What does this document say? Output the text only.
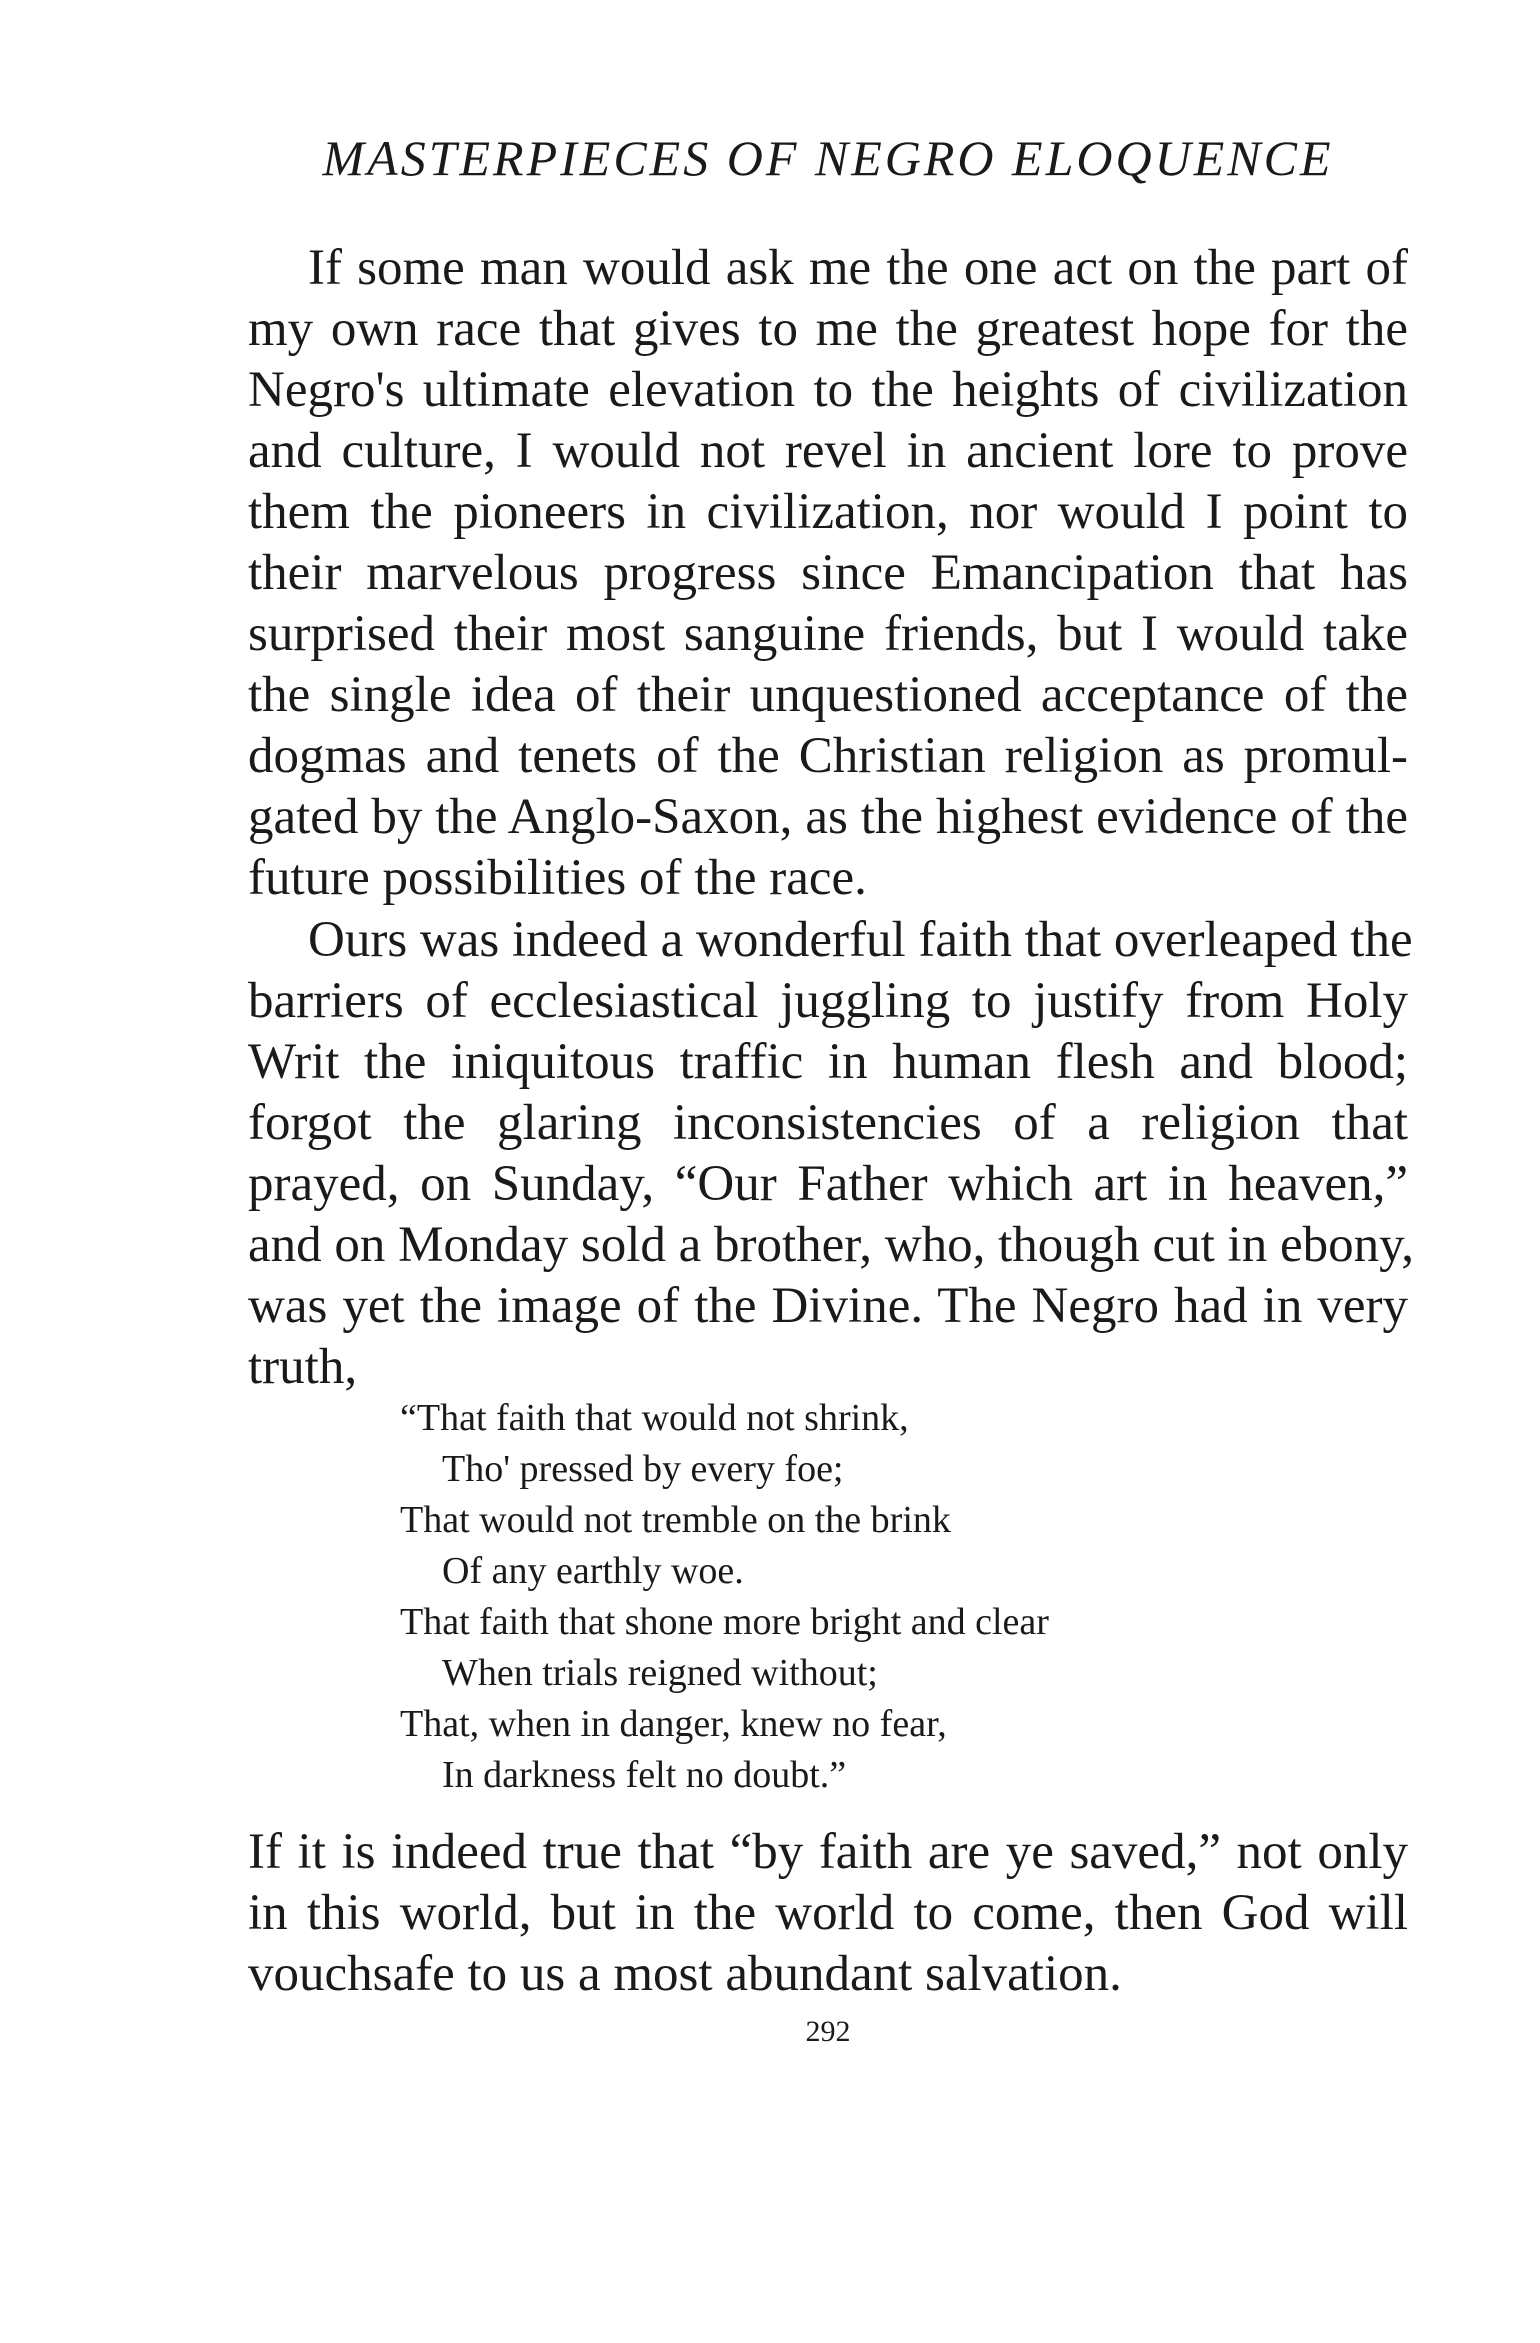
MASTERPIECES OF NEGRO ELOQUENCE
If some man would ask me the one act on the part of
my own race that gives to me the greatest hope for the
Negro's ultimate elevation to the heights of civilization
and culture, I would not revel in ancient lore to prove
them the pioneers in civilization, nor would I point to
their marvelous progress since Emancipation that has
surprised their most sanguine friends, but I would take
the single idea of their unquestioned acceptance of the
dogmas and tenets of the Christian religion as promul-
gated by the Anglo-Saxon, as the highest evidence of the
future possibilities of the race.
Ours was indeed a wonderful faith that overleaped the
barriers of ecclesiastical juggling to justify from Holy
Writ the iniquitous traffic in human flesh and blood;
forgot the glaring inconsistencies of a religion that
prayed, on Sunday, “Our Father which art in heaven,”
and on Monday sold a brother, who, though cut in ebony,
was yet the image of the Divine. The Negro had in very
truth,
“That faith that would not shrink,
Tho' pressed by every foe;
That would not tremble on the brink
Of any earthly woe.
That faith that shone more bright and clear
When trials reigned without;
That, when in danger, knew no fear,
In darkness felt no doubt.”
If it is indeed true that “by faith are ye saved,” not only
in this world, but in the world to come, then God will
vouchsafe to us a most abundant salvation.
292
